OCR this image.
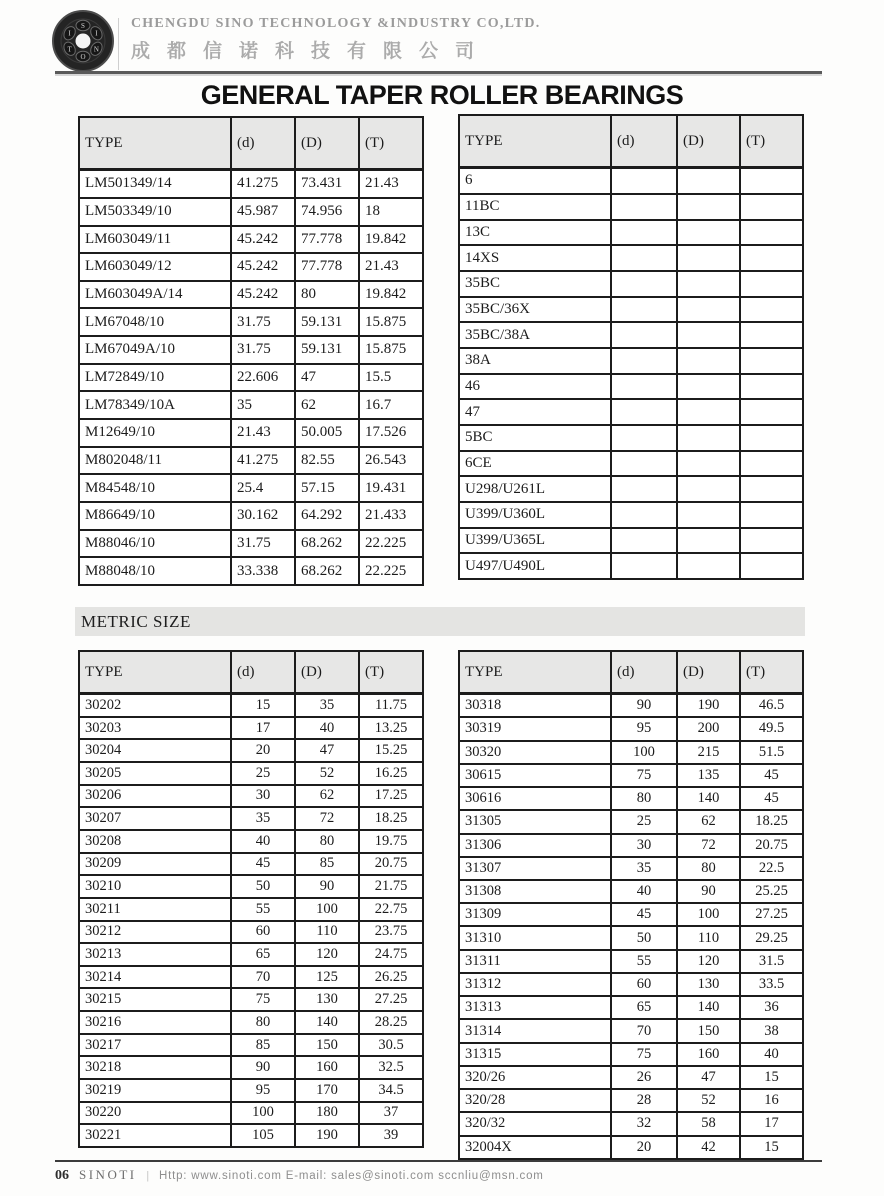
S
I
N
O
T
I
CHENGDU SINO TECHNOLOGY &INDUSTRY CO,LTD.
成都信诺科技有限公司
GENERAL TAPER ROLLER BEARINGS
TYPE	(d)	(D)	(T)
LM501349/14	41.275	73.431	21.43
LM503349/10	45.987	74.956	18
LM603049/11	45.242	77.778	19.842
LM603049/12	45.242	77.778	21.43
LM603049A/14	45.242	80	19.842
LM67048/10	31.75	59.131	15.875
LM67049A/10	31.75	59.131	15.875
LM72849/10	22.606	47	15.5
LM78349/10A	35	62	16.7
M12649/10	21.43	50.005	17.526
M802048/11	41.275	82.55	26.543
M84548/10	25.4	57.15	19.431
M86649/10	30.162	64.292	21.433
M88046/10	31.75	68.262	22.225
M88048/10	33.338	68.262	22.225
TYPE	(d)	(D)	(T)
6			
11BC			
13C			
14XS			
35BC			
35BC/36X			
35BC/38A			
38A			
46			
47			
5BC			
6CE			
U298/U261L			
U399/U360L			
U399/U365L			
U497/U490L			
METRIC SIZE
TYPE	(d)	(D)	(T)
30202	15	35	11.75
30203	17	40	13.25
30204	20	47	15.25
30205	25	52	16.25
30206	30	62	17.25
30207	35	72	18.25
30208	40	80	19.75
30209	45	85	20.75
30210	50	90	21.75
30211	55	100	22.75
30212	60	110	23.75
30213	65	120	24.75
30214	70	125	26.25
30215	75	130	27.25
30216	80	140	28.25
30217	85	150	30.5
30218	90	160	32.5
30219	95	170	34.5
30220	100	180	37
30221	105	190	39
TYPE	(d)	(D)	(T)
30318	90	190	46.5
30319	95	200	49.5
30320	100	215	51.5
30615	75	135	45
30616	80	140	45
31305	25	62	18.25
31306	30	72	20.75
31307	35	80	22.5
31308	40	90	25.25
31309	45	100	27.25
31310	50	110	29.25
31311	55	120	31.5
31312	60	130	33.5
31313	65	140	36
31314	70	150	38
31315	75	160	40
320/26	26	47	15
320/28	28	52	16
320/32	32	58	17
32004X	20	42	15
06 SINOTI | Http: www.sinoti.com E-mail: sales@sinoti.com sccnliu@msn.com
